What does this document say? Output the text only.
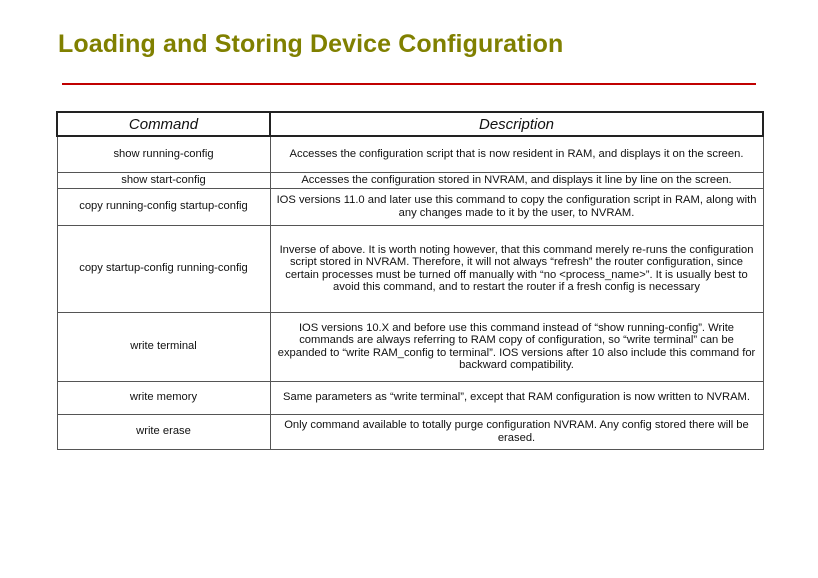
Loading and Storing Device Configuration
Command	Description
show running-config	Accesses the configuration script that is now resident in RAM, and displays it on the screen.
show start-config	Accesses the configuration stored in NVRAM, and displays it line by line on the screen.
copy running-config startup-config	IOS versions 11.0 and later use this command to copy the configuration script in RAM, along with any changes made to it by the user, to NVRAM.
copy startup-config running-config	Inverse of above. It is worth noting however, that this command merely re-runs the configuration script stored in NVRAM. Therefore, it will not always “refresh” the router configuration, since certain processes must be turned off manually with “no <process_name>”. It is usually best to avoid this command, and to restart the router if a fresh config is necessary
write terminal	IOS versions 10.X and before use this command instead of “show running-config”. Write commands are always referring to RAM copy of configuration, so “write terminal” can be expanded to “write RAM_config to terminal”. IOS versions after 10 also include this command for backward compatibility.
write memory	Same parameters as “write terminal”, except that RAM configuration is now written to NVRAM.
write erase	Only command available to totally purge configuration NVRAM. Any config stored there will be erased.
